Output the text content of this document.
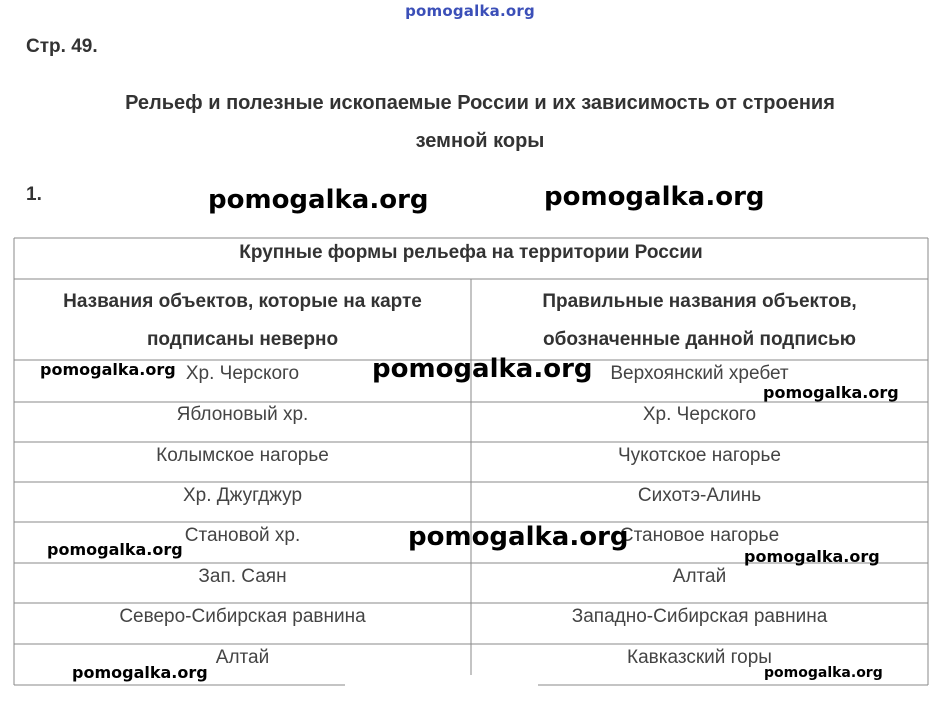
pomogalka.org
Стр. 49.
Рельеф и полезные ископаемые России и их зависимость от строения
земной коры
1.
Крупные формы рельефа на территории России
Названия объектов, которые на карте
подписаны неверно
Правильные названия объектов,
обозначенные данной подписью
Хр. Черского	Верхоянский хребет
Яблоновый хр.	Хр. Черского
Колымское нагорье	Чукотское нагорье
Хр. Джугджур	Сихотэ-Алинь
Становой хр.	Становое нагорье
Зап. Саян	Алтай
Северо-Сибирская равнина	Западно-Сибирская равнина
Алтай	Кавказский горы
pomogalka.org	pomogalka.org
pomogalka.org	pomogalka.org
pomogalka.org
pomogalka.org
pomogalka.org	pomogalka.org
pomogalka.org	pomogalka.org
